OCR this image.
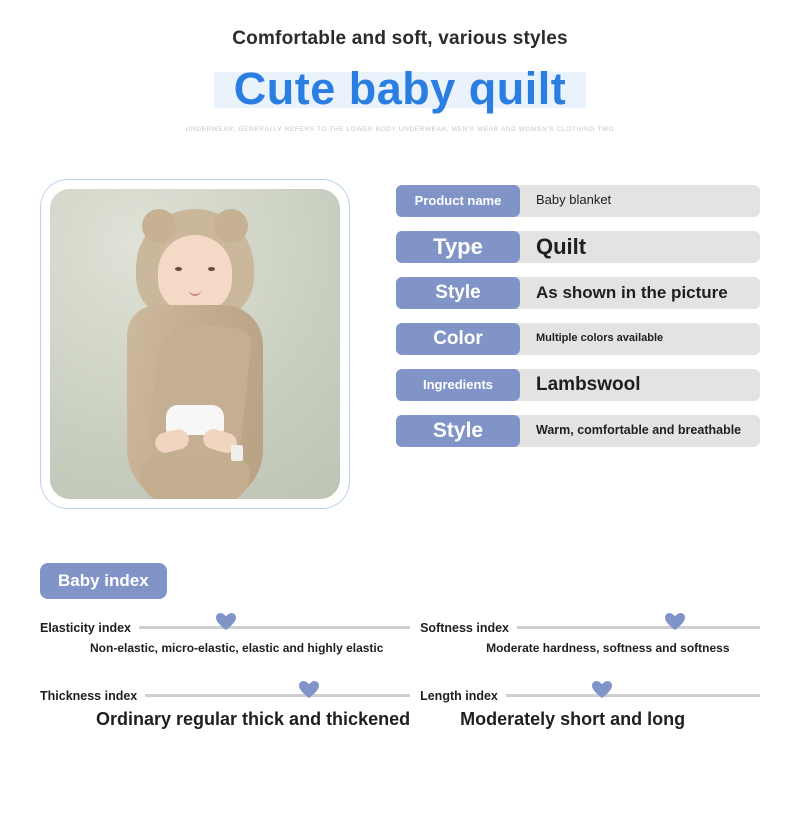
Comfortable and soft, various styles
Cute baby quilt
UNDERWEAR, GENERALLY REFERS TO THE LOWER BODY UNDERWEAR, MEN'S WEAR AND WOMEN'S CLOTHING TWO
Product name	Baby blanket
Type	Quilt
Style	As shown in the picture
Color	Multiple colors available
Ingredients	Lambswool
Style	Warm, comfortable and breathable
Baby index
Elasticity index
Non-elastic, micro-elastic, elastic and highly elastic
Softness index
Moderate hardness, softness and softness
Thickness index
Ordinary regular thick and thickened
Length index
Moderately short and long
